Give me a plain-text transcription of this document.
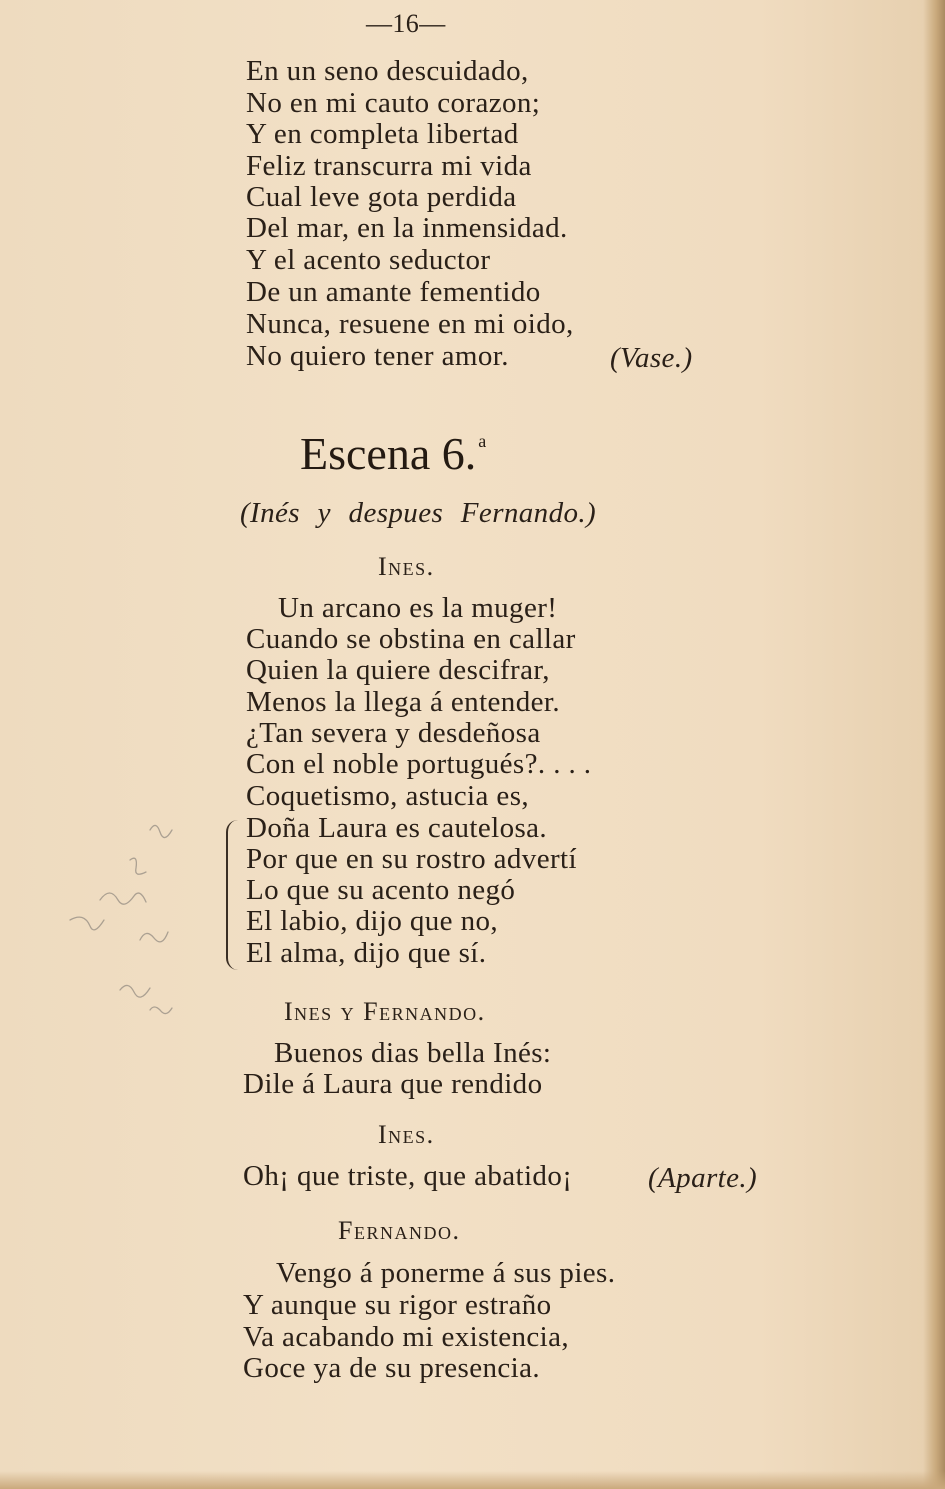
—16—
En un seno descuidado,
No en mi cauto corazon;
Y en completa libertad
Feliz transcurra mi vida
Cual leve gota perdida
Del mar, en la inmensidad.
Y el acento seductor
De un amante fementido
Nunca, resuene en mi oido,
No quiero tener amor.	(Vase.)
Escena 6. $^a$
(Inés y despues Fernando.)
Ines.
Un arcano es la muger!
Cuando se obstina en callar
Quien la quiere descifrar,
Menos la llega á entender.
¿Tan severa y desdeñosa
Con el noble portugués?. . . .
Coquetismo, astucia es,
Doña Laura es cautelosa.
Por que en su rostro advertí
Lo que su acento negó
El labio, dijo que no,
El alma, dijo que sí.
Ines y Fernando.
Buenos dias bella Inés:
Dile á Laura que rendido
Ines.
Oh¡ que triste, que abatido¡	(Aparte.)
Fernando.
Vengo á ponerme á sus pies.
Y aunque su rigor estraño
Va acabando mi existencia,
Goce ya de su presencia.
